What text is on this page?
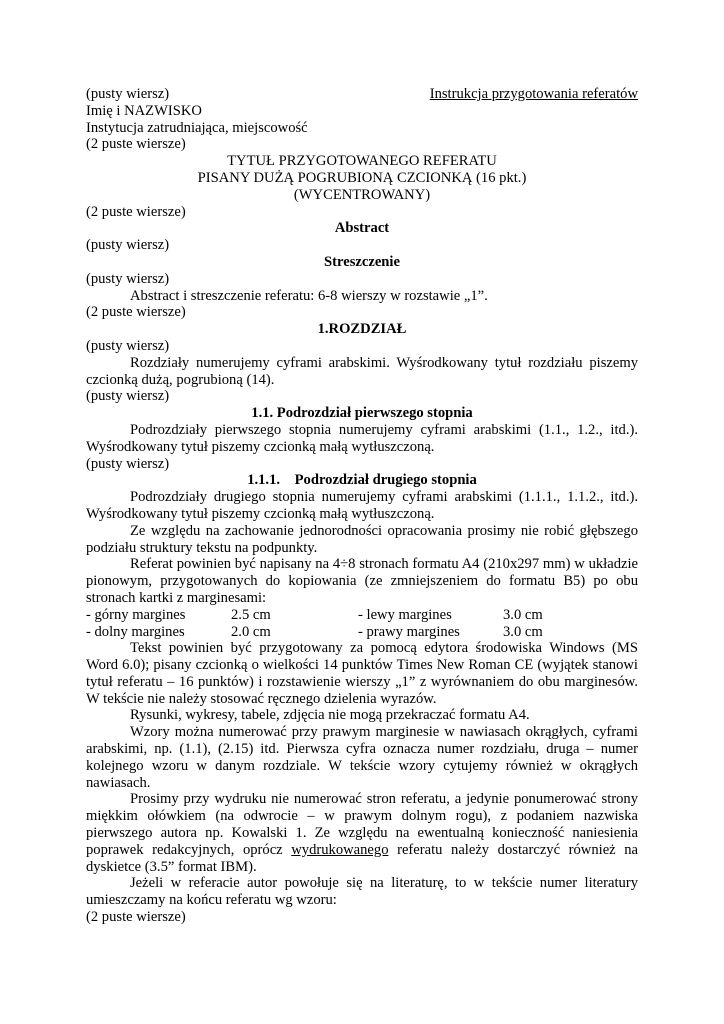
(pusty wiersz)	Instrukcja przygotowania referatów
Imię i NAZWISKO
Instytucja zatrudniająca, miejscowość
(2 puste wiersze)
TYTUŁ PRZYGOTOWANEGO REFERATU
PISANY DUŻĄ POGRUBIONĄ CZCIONKĄ (16 pkt.)
(WYCENTROWANY)
(2 puste wiersze)
Abstract
(pusty wiersz)
Streszczenie
(pusty wiersz)

Abstract i streszczenie referatu: 6-8 wierszy w rozstawie „1”.

(2 puste wiersze)
1.ROZDZIAŁ
(pusty wiersz)

Rozdziały numerujemy cyframi arabskimi. Wyśrodkowany tytuł rozdziału piszemy czcionką dużą, pogrubioną (14).

(pusty wiersz)
1.1. Podrozdział pierwszego stopnia

Podrozdziały pierwszego stopnia numerujemy cyframi arabskimi (1.1., 1.2., itd.). Wyśrodkowany tytuł piszemy czcionką małą wytłuszczoną.

(pusty wiersz)
1.1.1. Podrozdział drugiego stopnia

Podrozdziały drugiego stopnia numerujemy cyframi arabskimi (1.1.1., 1.1.2., itd.). Wyśrodkowany tytuł piszemy czcionką małą wytłuszczoną.

Ze względu na zachowanie jednorodności opracowania prosimy nie robić głębszego podziału struktury tekstu na podpunkty.

Referat powinien być napisany na 4÷8 stronach formatu A4 (210x297 mm) w układzie pionowym, przygotowanych do kopiowania (ze zmniejszeniem do formatu B5) po obu stronach kartki z marginesami:

- górny margines	2.5 cm	- lewy margines	3.0 cm
- dolny margines	2.0 cm	- prawy margines	3.0 cm

Tekst powinien być przygotowany za pomocą edytora środowiska Windows (MS Word 6.0); pisany czcionką o wielkości 14 punktów Times New Roman CE (wyjątek stanowi tytuł referatu – 16 punktów) i rozstawienie wierszy „1” z wyrównaniem do obu marginesów. W tekście nie należy stosować ręcznego dzielenia wyrazów.

Rysunki, wykresy, tabele, zdjęcia nie mogą przekraczać formatu A4.

Wzory można numerować przy prawym marginesie w nawiasach okrągłych, cyframi arabskimi, np. (1.1), (2.15) itd. Pierwsza cyfra oznacza numer rozdziału, druga – numer kolejnego wzoru w danym rozdziale. W tekście wzory cytujemy również w okrągłych nawiasach.

Prosimy przy wydruku nie numerować stron referatu, a jedynie ponumerować strony miękkim ołówkiem (na odwrocie – w prawym dolnym rogu), z podaniem nazwiska pierwszego autora np. Kowalski 1. Ze względu na ewentualną konieczność naniesienia poprawek redakcyjnych, oprócz wydrukowanego referatu należy dostarczyć również na dyskietce (3.5” format IBM).

Jeżeli w referacie autor powołuje się na literaturę, to w tekście numer literatury umieszczamy na końcu referatu wg wzoru:

(2 puste wiersze)
